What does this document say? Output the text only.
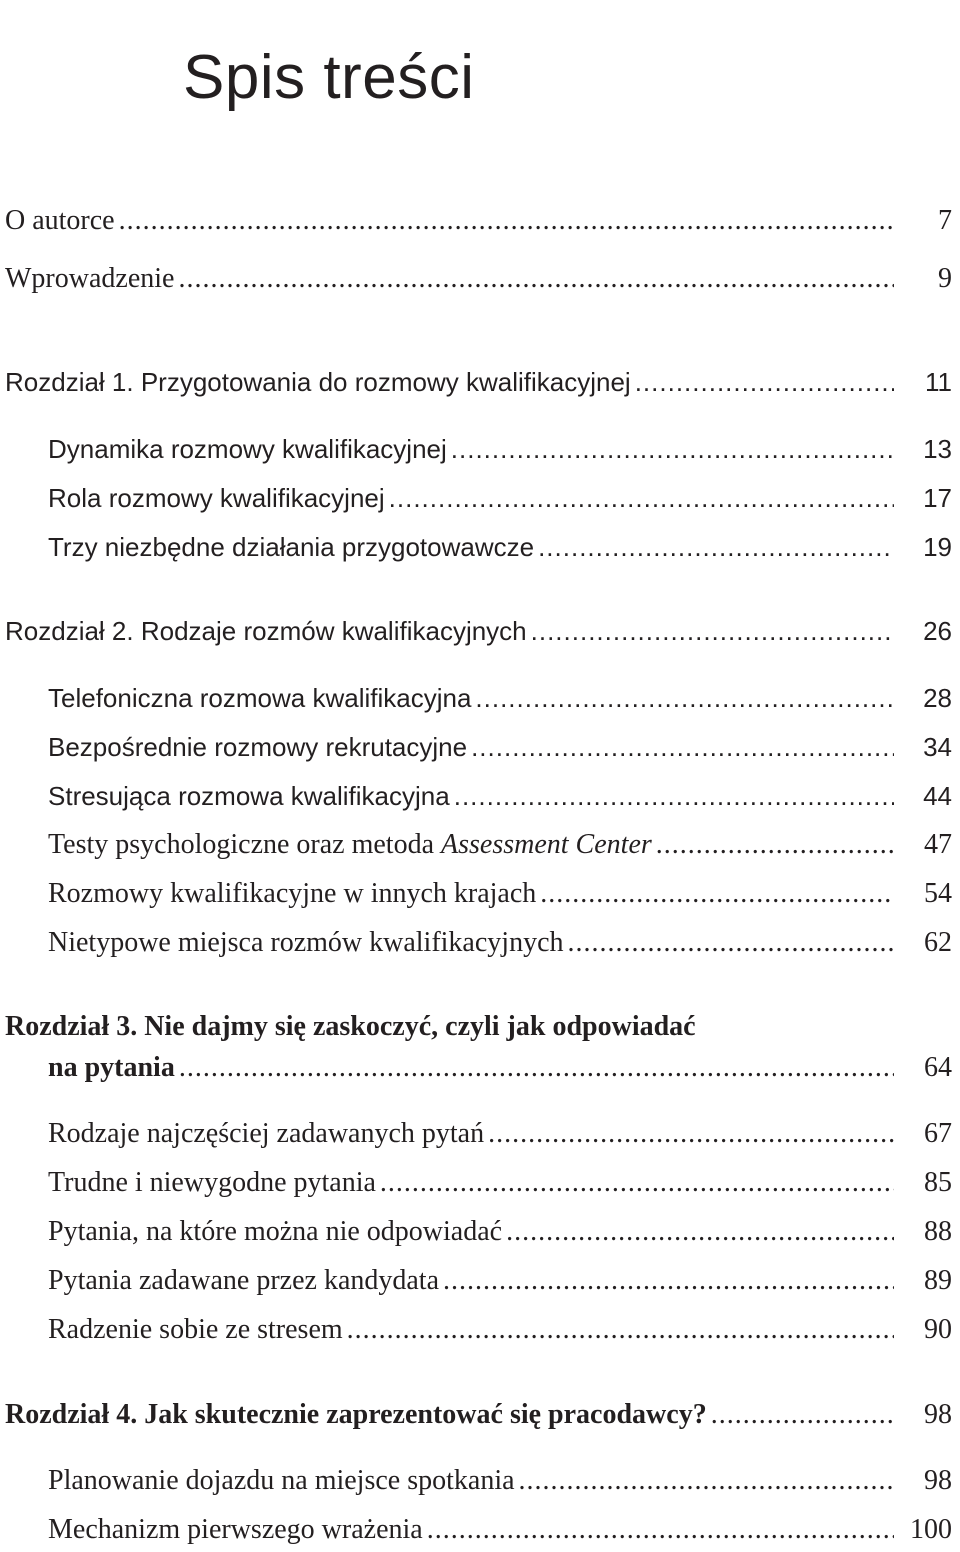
Spis treści
O autorce .....	7
Wprowadzenie .....	9
Rozdział 1. Przygotowania do rozmowy kwalifikacyjnej .....	11
Dynamika rozmowy kwalifikacyjnej .....	13
Rola rozmowy kwalifikacyjnej .....	17
Trzy niezbędne działania przygotowawcze .....	19
Rozdział 2. Rodzaje rozmów kwalifikacyjnych .....	26
Telefoniczna rozmowa kwalifikacyjna .....	28
Bezpośrednie rozmowy rekrutacyjne .....	34
Stresująca rozmowa kwalifikacyjna .....	44
Testy psychologiczne oraz metoda Assessment Center .....	47
Rozmowy kwalifikacyjne w innych krajach .....	54
Nietypowe miejsca rozmów kwalifikacyjnych .....	62
Rozdział 3. Nie dajmy się zaskoczyć, czyli jak odpowiadać
na pytania .....	64
Rodzaje najczęściej zadawanych pytań .....	67
Trudne i niewygodne pytania .....	85
Pytania, na które można nie odpowiadać .....	88
Pytania zadawane przez kandydata .....	89
Radzenie sobie ze stresem .....	90
Rozdział 4. Jak skutecznie zaprezentować się pracodawcy? .....	98
Planowanie dojazdu na miejsce spotkania .....	98
Mechanizm pierwszego wrażenia .....	100
